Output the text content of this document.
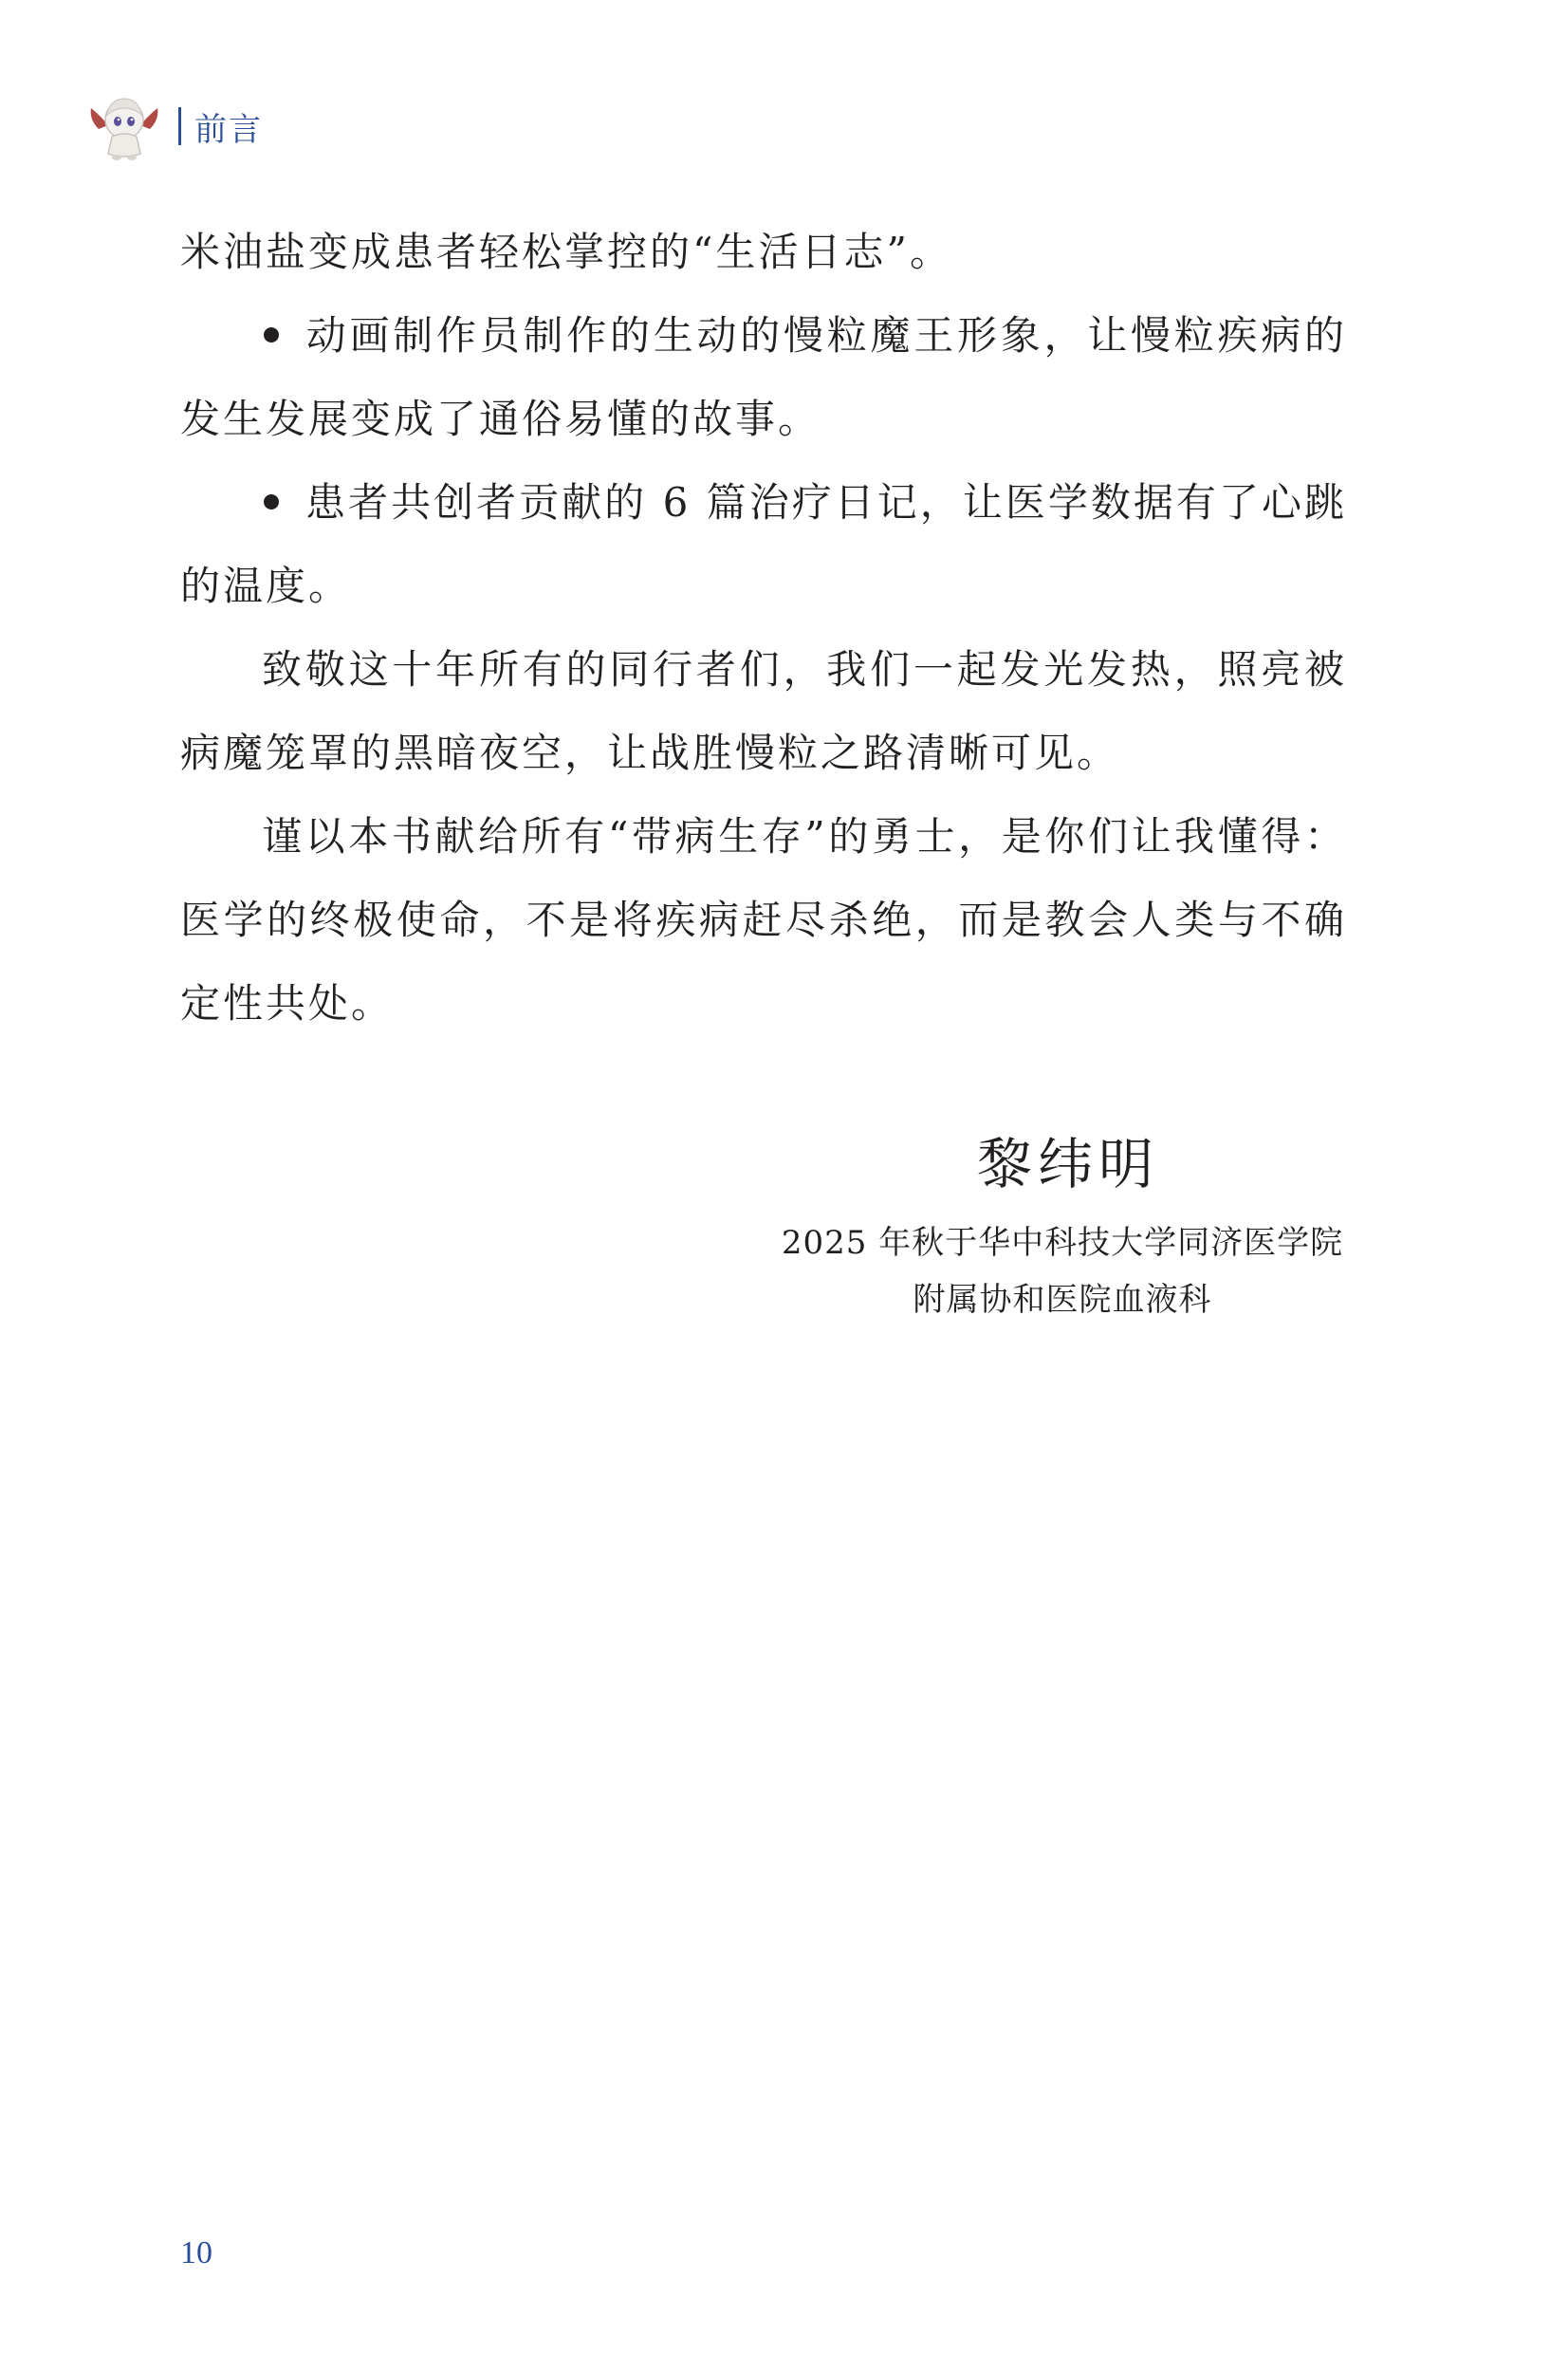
前言

米油盐变成患者轻松掌控的“生活日志”。

动画制作员制作的生动的慢粒魔王形象，让慢粒疾病的发生发展变成了通俗易懂的故事。

患者共创者贡献的 6 篇治疗日记，让医学数据有了心跳的温度。

致敬这十年所有的同行者们，我们一起发光发热，照亮被病魔笼罩的黑暗夜空，让战胜慢粒之路清晰可见。

谨以本书献给所有“带病生存”的勇士，是你们让我懂得：医学的终极使命，不是将疾病赶尽杀绝，而是教会人类与不确定性共处。

黎纬明
2025 年秋于华中科技大学同济医学院
附属协和医院血液科
10
